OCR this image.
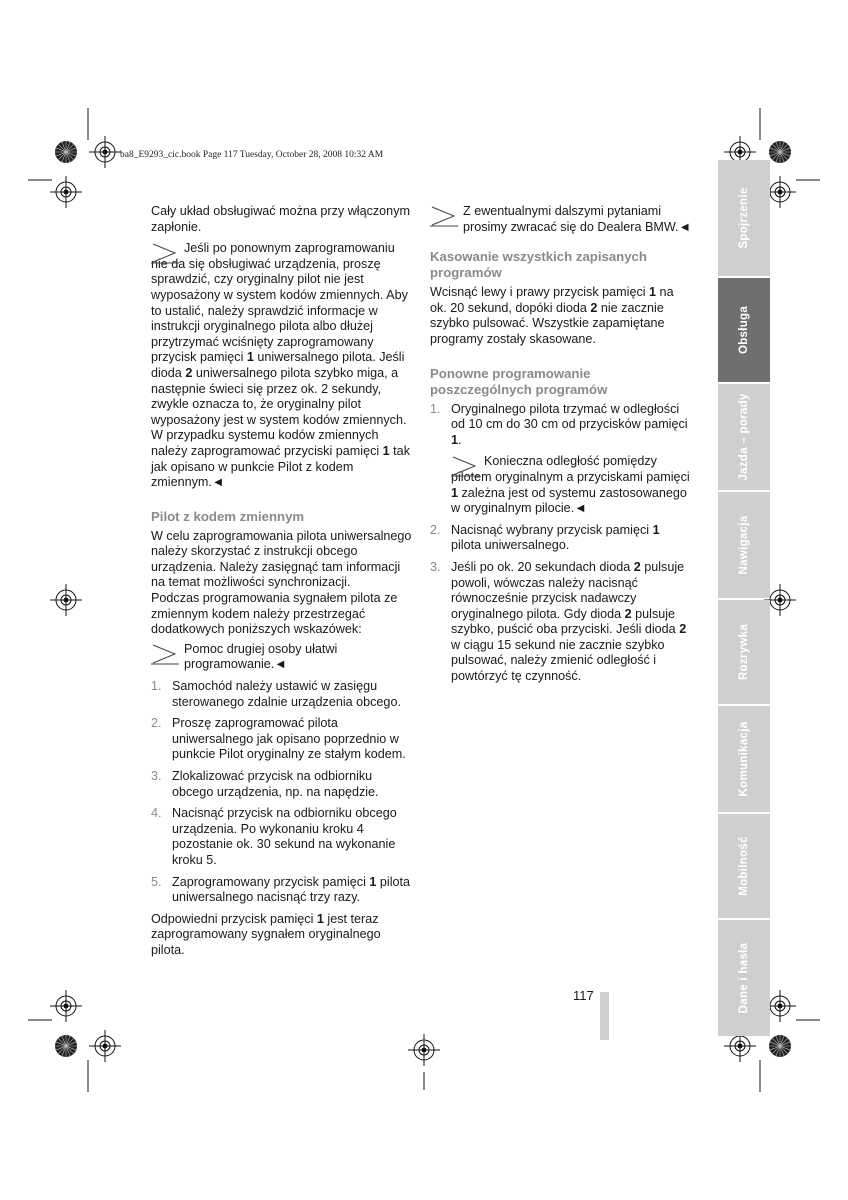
ba8_E9293_cic.book Page 117 Tuesday, October 28, 2008 10:32 AM

Cały układ obsługiwać można przy włączonym zapłonie.

Jeśli po ponownym zaprogramowaniu nie da się obsługiwać urządzenia, proszę sprawdzić, czy oryginalny pilot nie jest wyposażony w system kodów zmiennych. Aby to ustalić, należy sprawdzić informacje w instrukcji oryginalnego pilota albo dłużej przytrzymać wciśnięty zaprogramowany przycisk pamięci 1 uniwersalnego pilota. Jeśli dioda 2 uniwersalnego pilota szybko miga, a następnie świeci się przez ok. 2 sekundy, zwykle oznacza to, że oryginalny pilot wyposażony jest w system kodów zmiennych. W przypadku systemu kodów zmiennych należy zaprogramować przyciski pamięci 1 tak jak opisano w punkcie Pilot z kodem zmiennym.◄

Pilot z kodem zmiennym

W celu zaprogramowania pilota uniwersalnego należy skorzystać z instrukcji obcego urządzenia. Należy zasięgnąć tam informacji na temat możliwości synchronizacji.

Podczas programowania sygnałem pilota ze zmiennym kodem należy przestrzegać dodatkowych poniższych wskazówek:

Pomoc drugiej osoby ułatwi programowanie.◄

1. Samochód należy ustawić w zasięgu sterowanego zdalnie urządzenia obcego.
2. Proszę zaprogramować pilota uniwersalnego jak opisano poprzednio w punkcie Pilot oryginalny ze stałym kodem.
3. Zlokalizować przycisk na odbiorniku obcego urządzenia, np. na napędzie.
4. Nacisnąć przycisk na odbiorniku obcego urządzenia. Po wykonaniu kroku 4 pozostanie ok. 30 sekund na wykonanie kroku 5.
5. Zaprogramowany przycisk pamięci 1 pilota uniwersalnego nacisnąć trzy razy.

Odpowiedni przycisk pamięci 1 jest teraz zaprogramowany sygnałem oryginalnego pilota.

Z ewentualnymi dalszymi pytaniami prosimy zwracać się do Dealera BMW.◄

Kasowanie wszystkich zapisanych programów

Wcisnąć lewy i prawy przycisk pamięci 1 na ok. 20 sekund, dopóki dioda 2 nie zacznie szybko pulsować. Wszystkie zapamiętane programy zostały skasowane.

Ponowne programowanie poszczególnych programów
1. Oryginalnego pilota trzymać w odległości od 10 cm do 30 cm od przycisków pamięci 1.

Konieczna odległość pomiędzy pilotem oryginalnym a przyciskami pamięci 1 zależna jest od systemu zastosowanego w oryginalnym pilocie.◄

2. Nacisnąć wybrany przycisk pamięci 1 pilota uniwersalnego.
3. Jeśli po ok. 20 sekundach dioda 2 pulsuje powoli, wówczas należy nacisnąć równocześnie przycisk nadawczy oryginalnego pilota. Gdy dioda 2 pulsuje szybko, puścić oba przyciski. Jeśli dioda 2 w ciągu 15 sekund nie zacznie szybko pulsować, należy zmienić odległość i powtórzyć tę czynność.
Spojrzenie
Obsługa
Jazda – porady
Nawigacja
Rozrywka
Komunikacja
Mobilność
Dane i hasła
117
